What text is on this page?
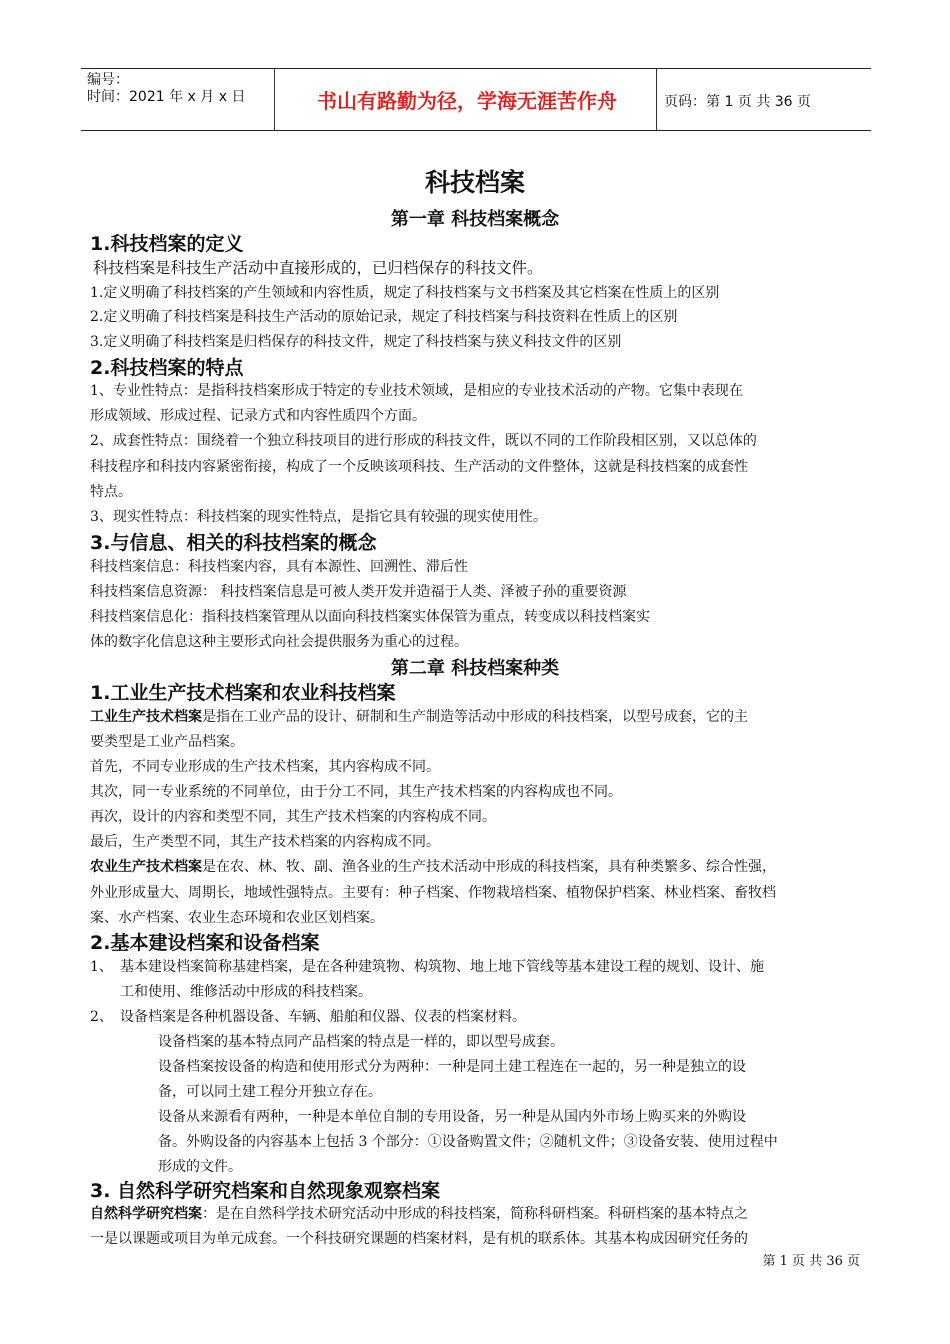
编号：
时间：2021 年 x 月 x 日	书山有路勤为径，学海无涯苦作舟	页码：第 1 页 共 36 页
科技档案
第一章 科技档案概念
1.科技档案的定义
科技档案是科技生产活动中直接形成的，已归档保存的科技文件。
1.定义明确了科技档案的产生领域和内容性质，规定了科技档案与文书档案及其它档案在性质上的区别
2.定义明确了科技档案是科技生产活动的原始记录，规定了科技档案与科技资料在性质上的区别
3.定义明确了科技档案是归档保存的科技文件，规定了科技档案与狭义科技文件的区别
2.科技档案的特点
1、专业性特点：是指科技档案形成于特定的专业技术领域，是相应的专业技术活动的产物。它集中表现在
形成领域、形成过程、记录方式和内容性质四个方面。
2、成套性特点：围绕着一个独立科技项目的进行形成的科技文件，既以不同的工作阶段相区别，又以总体的
科技程序和科技内容紧密衔接，构成了一个反映该项科技、生产活动的文件整体，这就是科技档案的成套性
特点。
3、现实性特点：科技档案的现实性特点，是指它具有较强的现实使用性。
3.与信息、相关的科技档案的概念
科技档案信息：科技档案内容，具有本源性、回溯性、滞后性
科技档案信息资源： 科技档案信息是可被人类开发并造福于人类、泽被子孙的重要资源
科技档案信息化：指科技档案管理从以面向科技档案实体保管为重点，转变成以科技档案实
体的数字化信息这种主要形式向社会提供服务为重心的过程。
第二章 科技档案种类
1.工业生产技术档案和农业科技档案
工业生产技术档案是指在工业产品的设计、研制和生产制造等活动中形成的科技档案，以型号成套，它的主
要类型是工业产品档案。
首先，不同专业形成的生产技术档案，其内容构成不同。
其次，同一专业系统的不同单位，由于分工不同，其生产技术档案的内容构成也不同。
再次，设计的内容和类型不同，其生产技术档案的内容构成不同。
最后，生产类型不同，其生产技术档案的内容构成不同。
农业生产技术档案是在农、林、牧、副、渔各业的生产技术活动中形成的科技档案，具有种类繁多、综合性强，
外业形成量大、周期长，地域性强特点。主要有：种子档案、作物栽培档案、植物保护档案、林业档案、畜牧档
案、水产档案、农业生态环境和农业区划档案。
2.基本建设档案和设备档案
1、 基本建设档案简称基建档案，是在各种建筑物、构筑物、地上地下管线等基本建设工程的规划、设计、施
工和使用、维修活动中形成的科技档案。
2、 设备档案是各种机器设备、车辆、船舶和仪器、仪表的档案材料。
设备档案的基本特点同产品档案的特点是一样的，即以型号成套。
设备档案按设备的构造和使用形式分为两种：一种是同土建工程连在一起的，另一种是独立的设
备，可以同土建工程分开独立存在。
设备从来源看有两种，一种是本单位自制的专用设备，另一种是从国内外市场上购买来的外购设
备。外购设备的内容基本上包括 3 个部分：①设备购置文件；②随机文件；③设备安装、使用过程中
形成的文件。
3. 自然科学研究档案和自然现象观察档案
自然科学研究档案：是在自然科学技术研究活动中形成的科技档案，简称科研档案。科研档案的基本特点之
一是以课题或项目为单元成套。一个科技研究课题的档案材料，是有机的联系体。其基本构成因研究任务的
第 1 页 共 36 页
